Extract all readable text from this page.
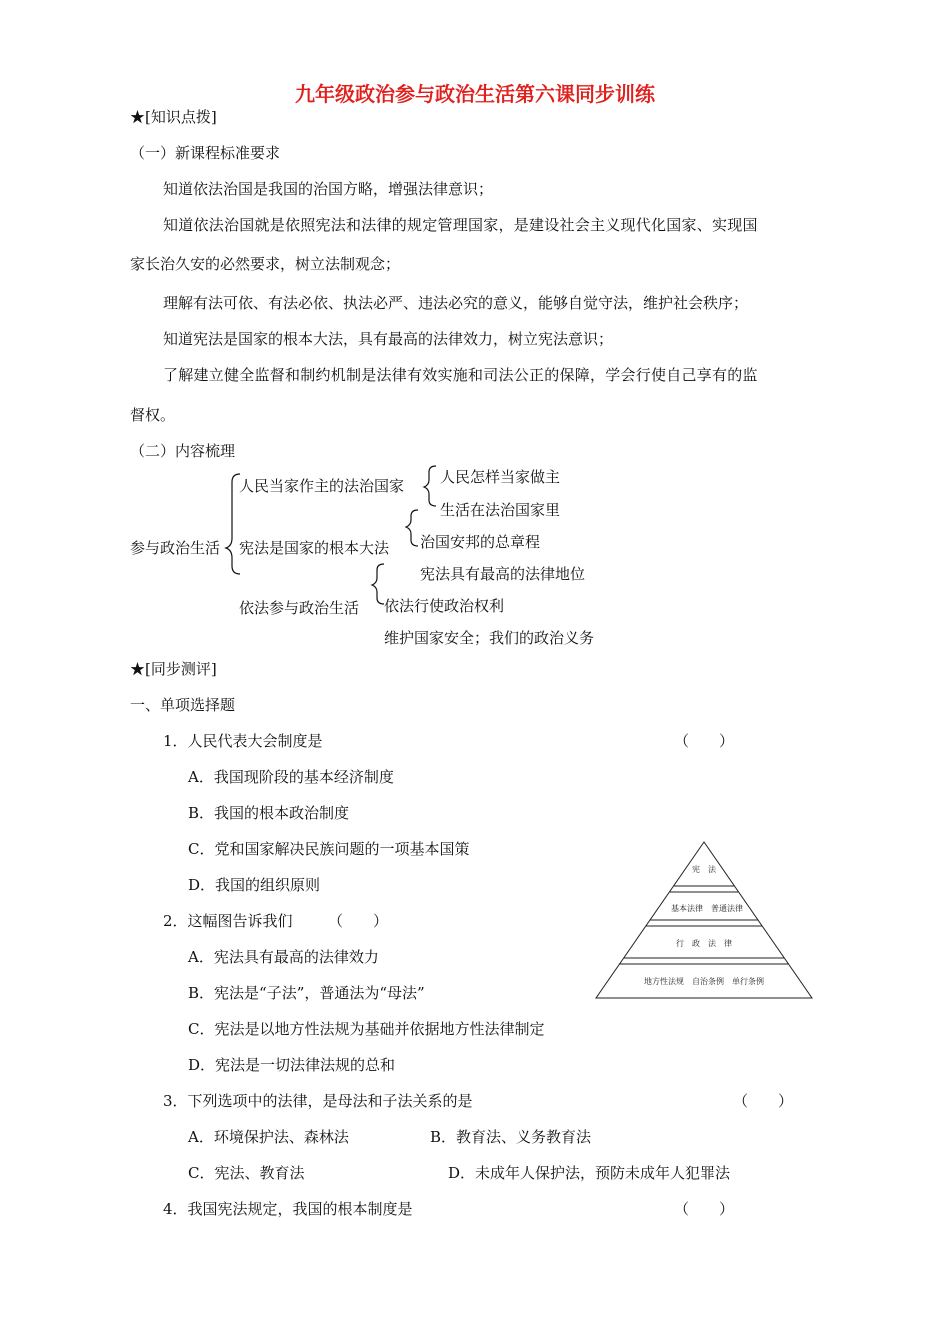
九年级政治参与政治生活第六课同步训练
★[知识点拨]
（一）新课程标准要求
知道依法治国是我国的治国方略，增强法律意识；
知道依法治国就是依照宪法和法律的规定管理国家，是建设社会主义现代化国家、实现国
家长治久安的必然要求，树立法制观念；
理解有法可依、有法必依、执法必严、违法必究的意义，能够自觉守法，维护社会秩序；
知道宪法是国家的根本大法，具有最高的法律效力，树立宪法意识；
了解建立健全监督和制约机制是法律有效实施和司法公正的保障，学会行使自己享有的监
督权。
（二）内容梳理
参与政治生活
人民当家作主的法治国家
宪法是国家的根本大法
依法参与政治生活
人民怎样当家做主
生活在法治国家里
治国安邦的总章程
宪法具有最高的法律地位
依法行使政治权利
维护国家安全；我们的政治义务
★[同步测评]
一、单项选择题
1．人民代表大会制度是	（　　）
A．我国现阶段的基本经济制度
B．我国的根本政治制度
C．党和国家解决民族问题的一项基本国策
D．我国的组织原则
2．这幅图告诉我们 （　　）
A．宪法具有最高的法律效力
B．宪法是“子法”，普通法为“母法”
C．宪法是以地方性法规为基础并依据地方性法律制定
D．宪法是一切法律法规的总和
宪　法
基本法律　普通法律
行　政　法　律
地方性法规　自治条例　单行条例
3．下列选项中的法律，是母法和子法关系的是	（　　）
A．环境保护法、森林法	B．教育法、义务教育法
C．宪法、教育法	D．未成年人保护法，预防未成年人犯罪法
4．我国宪法规定，我国的根本制度是	（　　）
